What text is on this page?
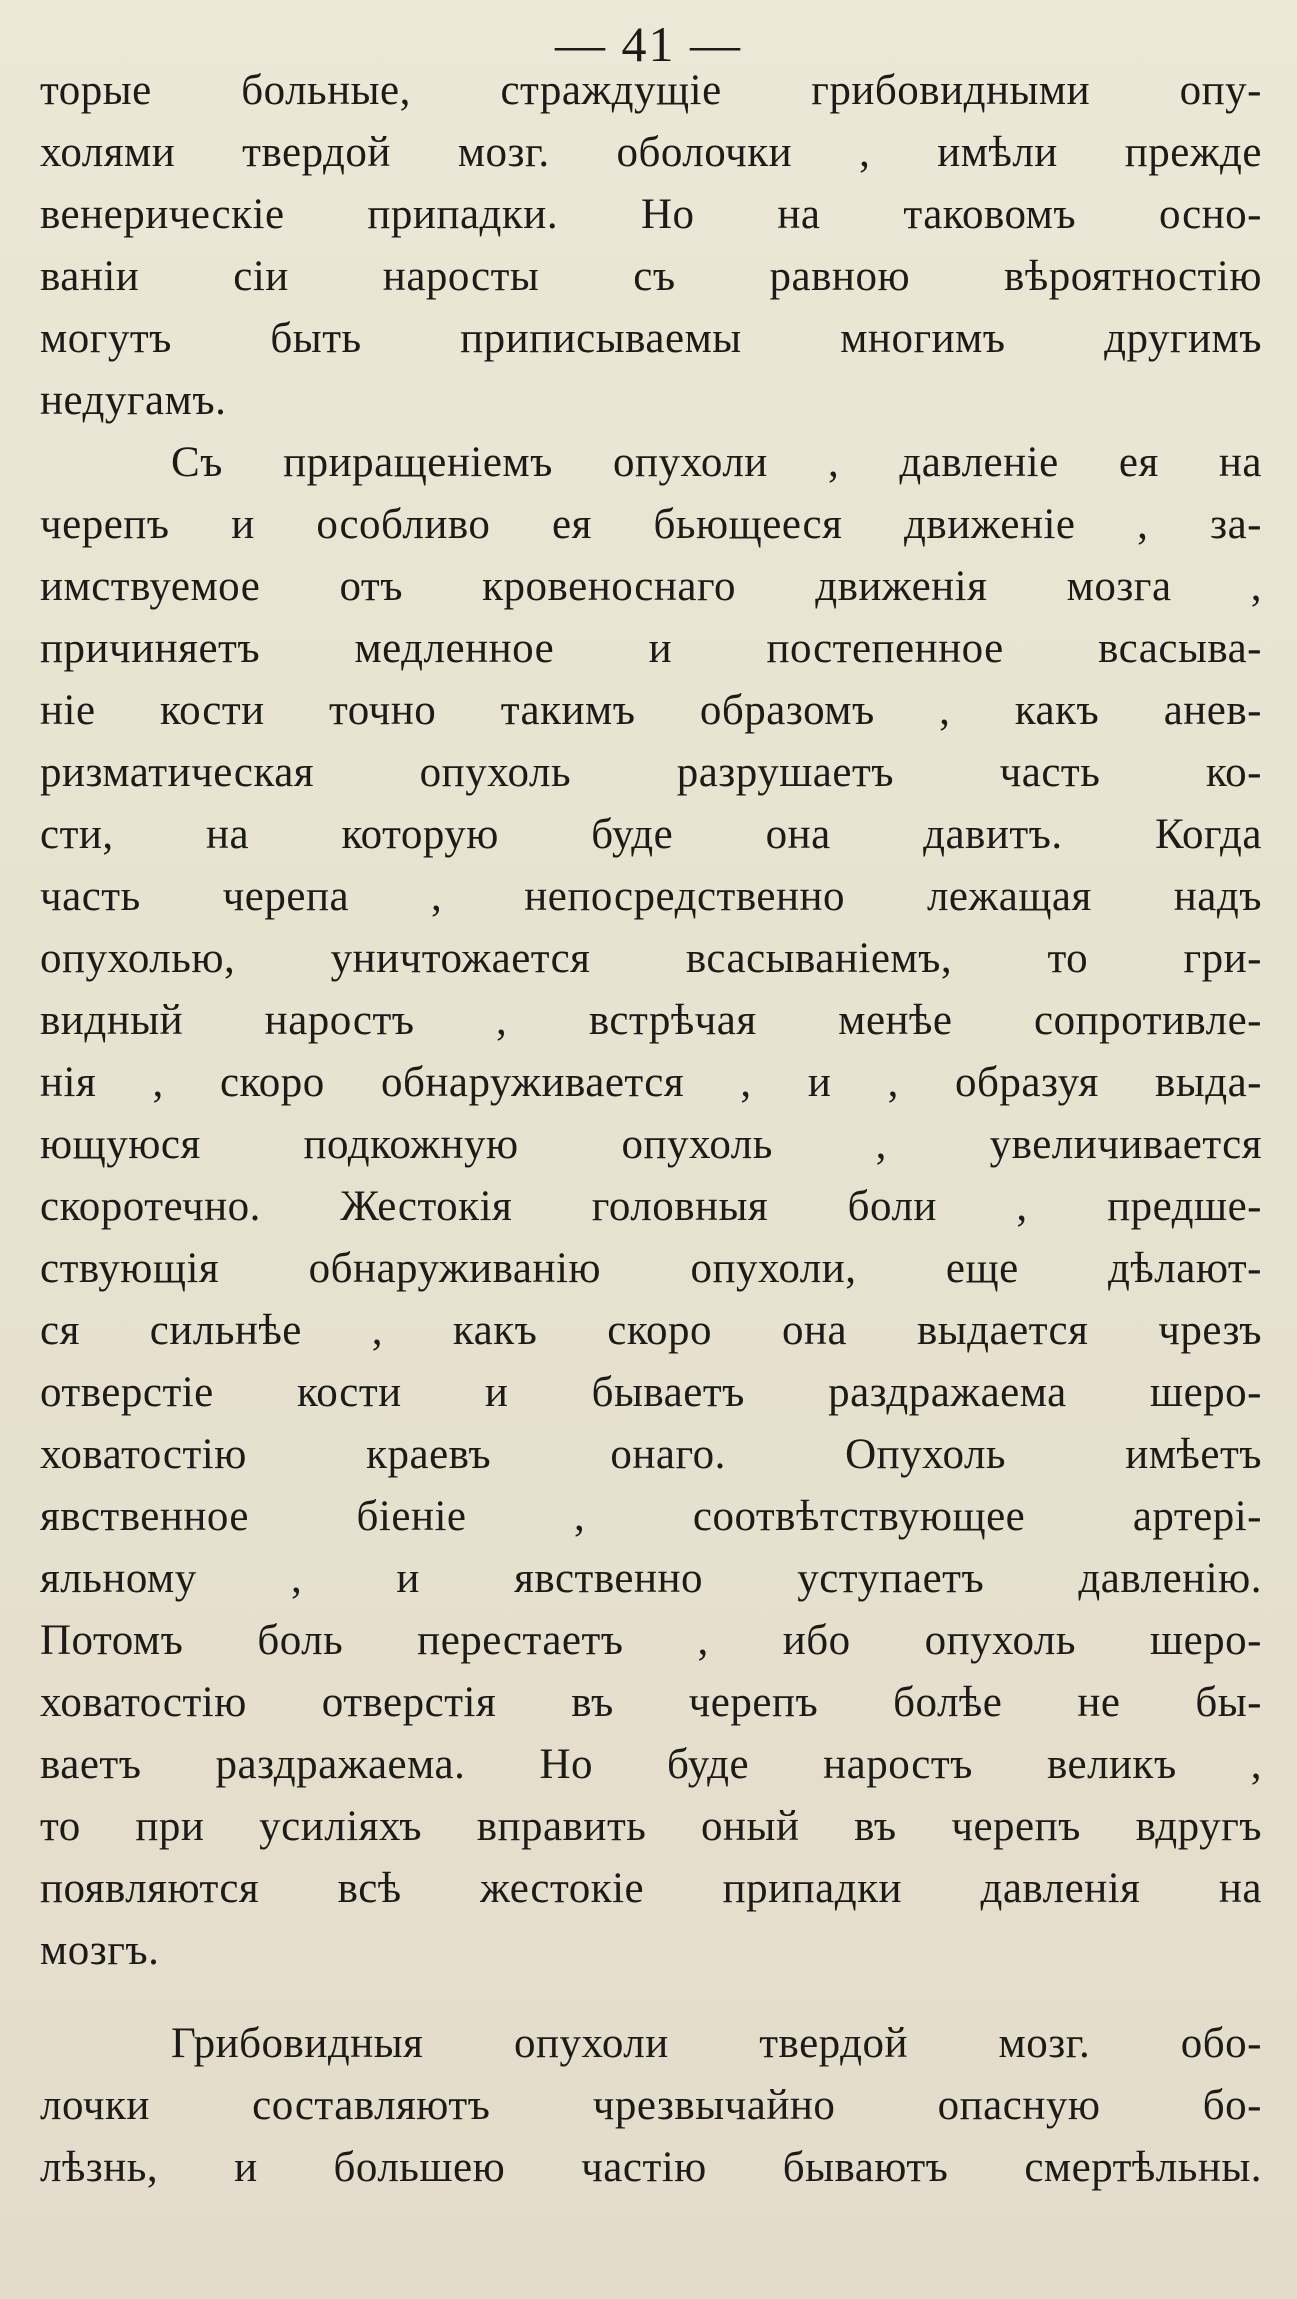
— 41 —
торые больные, страждущіе грибовидными опу-
холями твердой мозг. оболочки , имѣли прежде
венерическіе припадки. Но на таковомъ осно-
ваніи сіи наросты съ равною вѣроятностію
могутъ быть приписываемы многимъ другимъ
недугамъ.
Съ приращеніемъ опухоли , давленіе ея на
черепъ и особливо ея бьющееся движеніе , за-
имствуемое отъ кровеноснаго движенія мозга ,
причиняетъ медленное и постепенное всасыва-
ніе кости точно такимъ образомъ , какъ анев-
ризматическая опухоль разрушаетъ часть ко-
сти, на которую буде она давитъ. Когда
часть черепа , непосредственно лежащая надъ
опухолью, уничтожается всасываніемъ, то гри-
видный наростъ , встрѣчая менѣе сопротивле-
нія , скоро обнаруживается , и , образуя выда-
ющуюся подкожную опухоль , увеличивается
скоротечно. Жестокія головныя боли , предше-
ствующія обнаруживанію опухоли, еще дѣлают-
ся сильнѣе , какъ скоро она выдается чрезъ
отверстіе кости и бываетъ раздражаема шеро-
ховатостію краевъ онаго. Опухоль имѣетъ
явственное біеніе , соотвѣтствующее артері-
яльному , и явственно уступаетъ давленію.
Потомъ боль перестаетъ , ибо опухоль шеро-
ховатостію отверстія въ черепъ болѣе не бы-
ваетъ раздражаема. Но буде наростъ великъ ,
то при усиліяхъ вправить оный въ черепъ вдругъ
появляются всѣ жестокіе припадки давленія на
мозгъ.
Грибовидныя опухоли твердой мозг. обо-
лочки составляютъ чрезвычайно опасную бо-
лѣзнь, и большею частію бываютъ смертѣльны.
